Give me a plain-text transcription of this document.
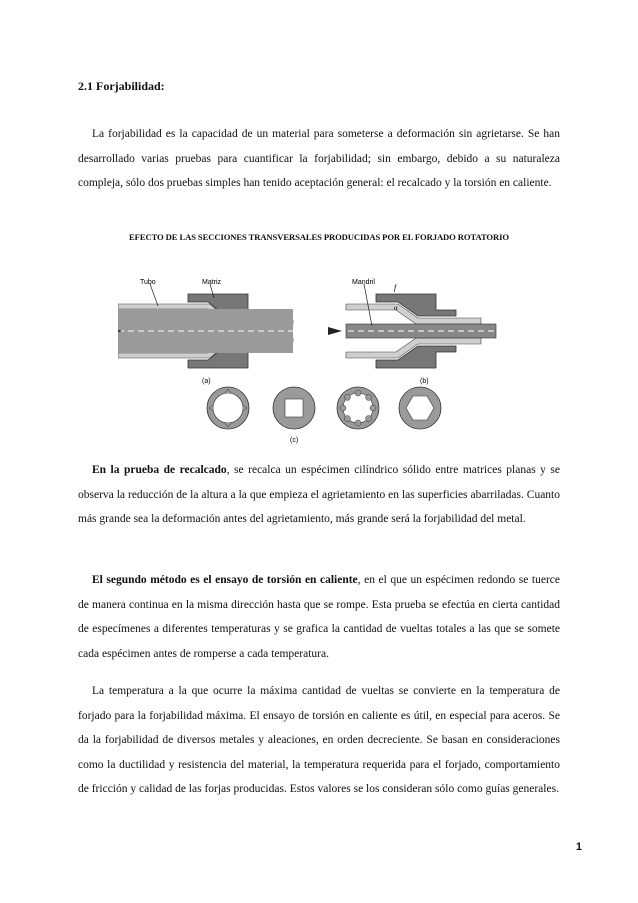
2.1 Forjabilidad:

La forjabilidad es la capacidad de un material para someterse a deformación sin agrietarse. Se han desarrollado varias pruebas para cuantificar la forjabilidad; sin embargo, debido a su naturaleza compleja, sólo dos pruebas simples han tenido aceptación general: el recalcado y la torsión en caliente.

EFECTO DE LAS SECCIONES TRANSVERSALES PRODUCIDAS POR EL FORJADO ROTATORIO
Tubo	Matriz
(a)
Mandril
f
α
(b)
(c)

En la prueba de recalcado, se recalca un espécimen cilíndrico sólido entre matrices planas y se observa la reducción de la altura a la que empieza el agrietamiento en las superficies abarriladas. Cuanto más grande sea la deformación antes del agrietamiento, más grande será la forjabilidad del metal.

El segundo método es el ensayo de torsión en caliente, en el que un espécimen redondo se tuerce de manera continua en la misma dirección hasta que se rompe. Esta prueba se efectúa en cierta cantidad de especímenes a diferentes temperaturas y se grafica la cantidad de vueltas totales a las que se somete cada espécimen antes de romperse a cada temperatura.

La temperatura a la que ocurre la máxima cantidad de vueltas se convierte en la temperatura de forjado para la forjabilidad máxima. El ensayo de torsión en caliente es útil, en especial para aceros. Se da la forjabilidad de diversos metales y aleaciones, en orden decreciente. Se basan en consideraciones como la ductilidad y resistencia del material, la temperatura requerida para el forjado, comportamiento de fricción y calidad de las forjas producidas. Estos valores se los consideran sólo como guías generales.

1
